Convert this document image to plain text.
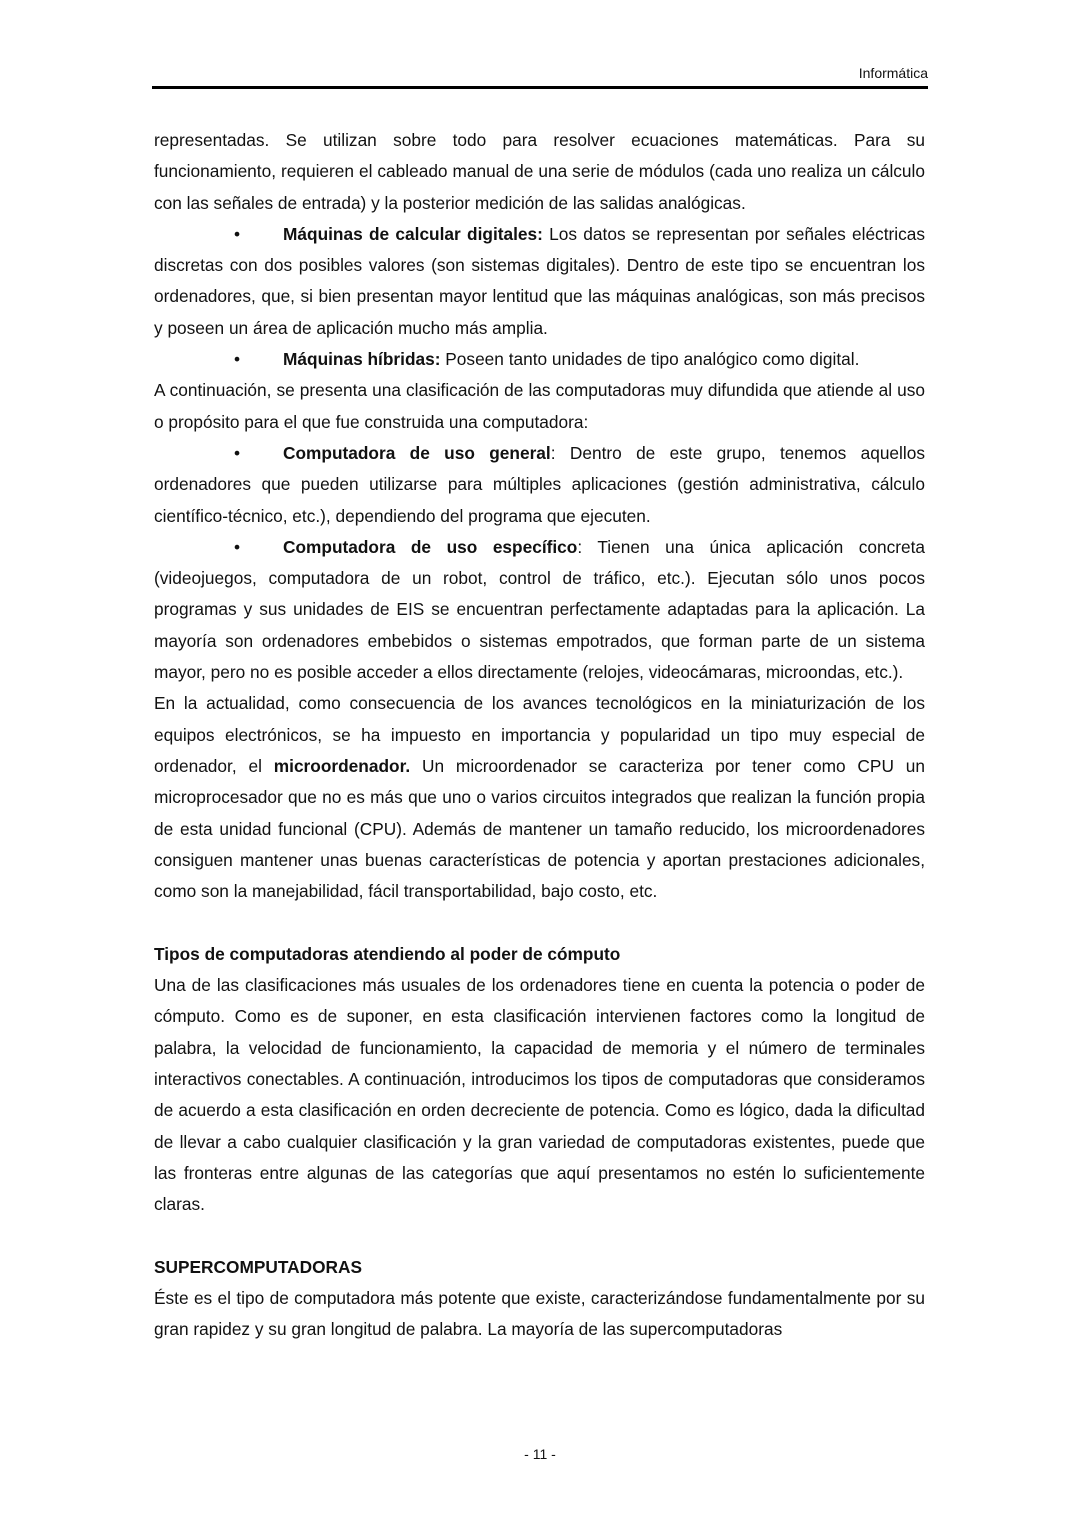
Informática

representadas. Se utilizan sobre todo para resolver ecuaciones matemáticas. Para su funcionamiento, requieren el cableado manual de una serie de módulos (cada uno realiza un cálculo con las señales de entrada) y la posterior medición de las salidas analógicas.

• Máquinas de calcular digitales: Los datos se representan por señales eléctricas discretas con dos posibles valores (son sistemas digitales). Dentro de este tipo se encuentran los ordenadores, que, si bien presentan mayor lentitud que las máquinas analógicas, son más precisos y poseen un área de aplicación mucho más amplia.

• Máquinas híbridas: Poseen tanto unidades de tipo analógico como digital.

A continuación, se presenta una clasificación de las computadoras muy difundida que atiende al uso o propósito para el que fue construida una computadora:

• Computadora de uso general: Dentro de este grupo, tenemos aquellos ordenadores que pueden utilizarse para múltiples aplicaciones (gestión administrativa, cálculo científico-técnico, etc.), dependiendo del programa que ejecuten.

• Computadora de uso específico: Tienen una única aplicación concreta (videojuegos, computadora de un robot, control de tráfico, etc.). Ejecutan sólo unos pocos programas y sus unidades de EIS se encuentran perfectamente adaptadas para la aplicación. La mayoría son ordenadores embebidos o sistemas empotrados, que forman parte de un sistema mayor, pero no es posible acceder a ellos directamente (relojes, videocámaras, microondas, etc.).

En la actualidad, como consecuencia de los avances tecnológicos en la miniaturización de los equipos electrónicos, se ha impuesto en importancia y popularidad un tipo muy especial de ordenador, el microordenador. Un microordenador se caracteriza por tener como CPU un microprocesador que no es más que uno o varios circuitos integrados que realizan la función propia de esta unidad funcional (CPU). Además de mantener un tamaño reducido, los microordenadores consiguen mantener unas buenas características de potencia y aportan prestaciones adicionales, como son la manejabilidad, fácil transportabilidad, bajo costo, etc.

Tipos de computadoras atendiendo al poder de cómputo

Una de las clasificaciones más usuales de los ordenadores tiene en cuenta la potencia o poder de cómputo. Como es de suponer, en esta clasificación intervienen factores como la longitud de palabra, la velocidad de funcionamiento, la capacidad de memoria y el número de terminales interactivos conectables. A continuación, introducimos los tipos de computadoras que consideramos de acuerdo a esta clasificación en orden decreciente de potencia. Como es lógico, dada la dificultad de llevar a cabo cualquier clasificación y la gran variedad de computadoras existentes, puede que las fronteras entre algunas de las categorías que aquí presentamos no estén lo suficientemente claras.

SUPERCOMPUTADORAS

Éste es el tipo de computadora más potente que existe, caracterizándose fundamentalmente por su gran rapidez y su gran longitud de palabra. La mayoría de las supercomputadoras

- 11 -
